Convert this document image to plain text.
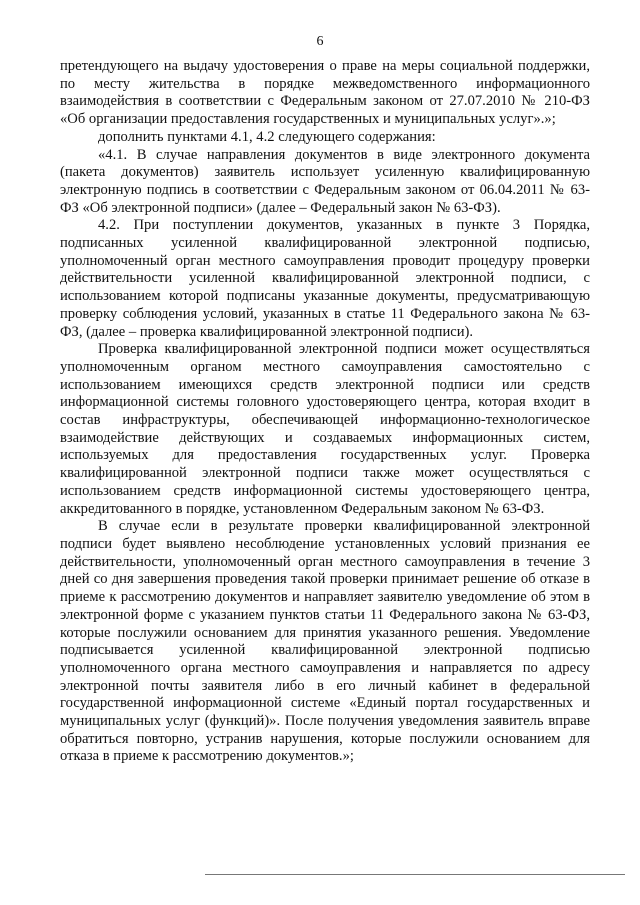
6

претендующего на выдачу удостоверения о праве на меры социальной поддержки, по месту жительства в порядке межведомственного информационного взаимодействия в соответствии с Федеральным законом от 27.07.2010 № 210-ФЗ «Об организации предоставления государственных и муниципальных услуг».»;

дополнить пунктами 4.1, 4.2 следующего содержания:

«4.1. В случае направления документов в виде электронного документа (пакета документов) заявитель использует усиленную квалифицированную электронную подпись в соответствии с Федеральным законом от 06.04.2011 № 63-ФЗ «Об электронной подписи» (далее – Федеральный закон № 63-ФЗ).

4.2. При поступлении документов, указанных в пункте 3 Порядка, подписанных усиленной квалифицированной электронной подписью, уполномоченный орган местного самоуправления проводит процедуру проверки действительности усиленной квалифицированной электронной подписи, с использованием которой подписаны указанные документы, предусматривающую проверку соблюдения условий, указанных в статье 11 Федерального закона № 63-ФЗ, (далее – проверка квалифицированной электронной подписи).

Проверка квалифицированной электронной подписи может осуществляться уполномоченным органом местного самоуправления самостоятельно с использованием имеющихся средств электронной подписи или средств информационной системы головного удостоверяющего центра, которая входит в состав инфраструктуры, обеспечивающей информационно-технологическое взаимодействие действующих и создаваемых информационных систем, используемых для предоставления государственных услуг. Проверка квалифицированной электронной подписи также может осуществляться с использованием средств информационной системы удостоверяющего центра, аккредитованного в порядке, установленном Федеральным законом № 63-ФЗ.

В случае если в результате проверки квалифицированной электронной подписи будет выявлено несоблюдение установленных условий признания ее действительности, уполномоченный орган местного самоуправления в течение 3 дней со дня завершения проведения такой проверки принимает решение об отказе в приеме к рассмотрению документов и направляет заявителю уведомление об этом в электронной форме с указанием пунктов статьи 11 Федерального закона № 63-ФЗ, которые послужили основанием для принятия указанного решения. Уведомление подписывается усиленной квалифицированной электронной подписью уполномоченного органа местного самоуправления и направляется по адресу электронной почты заявителя либо в его личный кабинет в федеральной государственной информационной системе «Единый портал государственных и муниципальных услуг (функций)». После получения уведомления заявитель вправе обратиться повторно, устранив нарушения, которые послужили основанием для отказа в приеме к рассмотрению документов.»;
